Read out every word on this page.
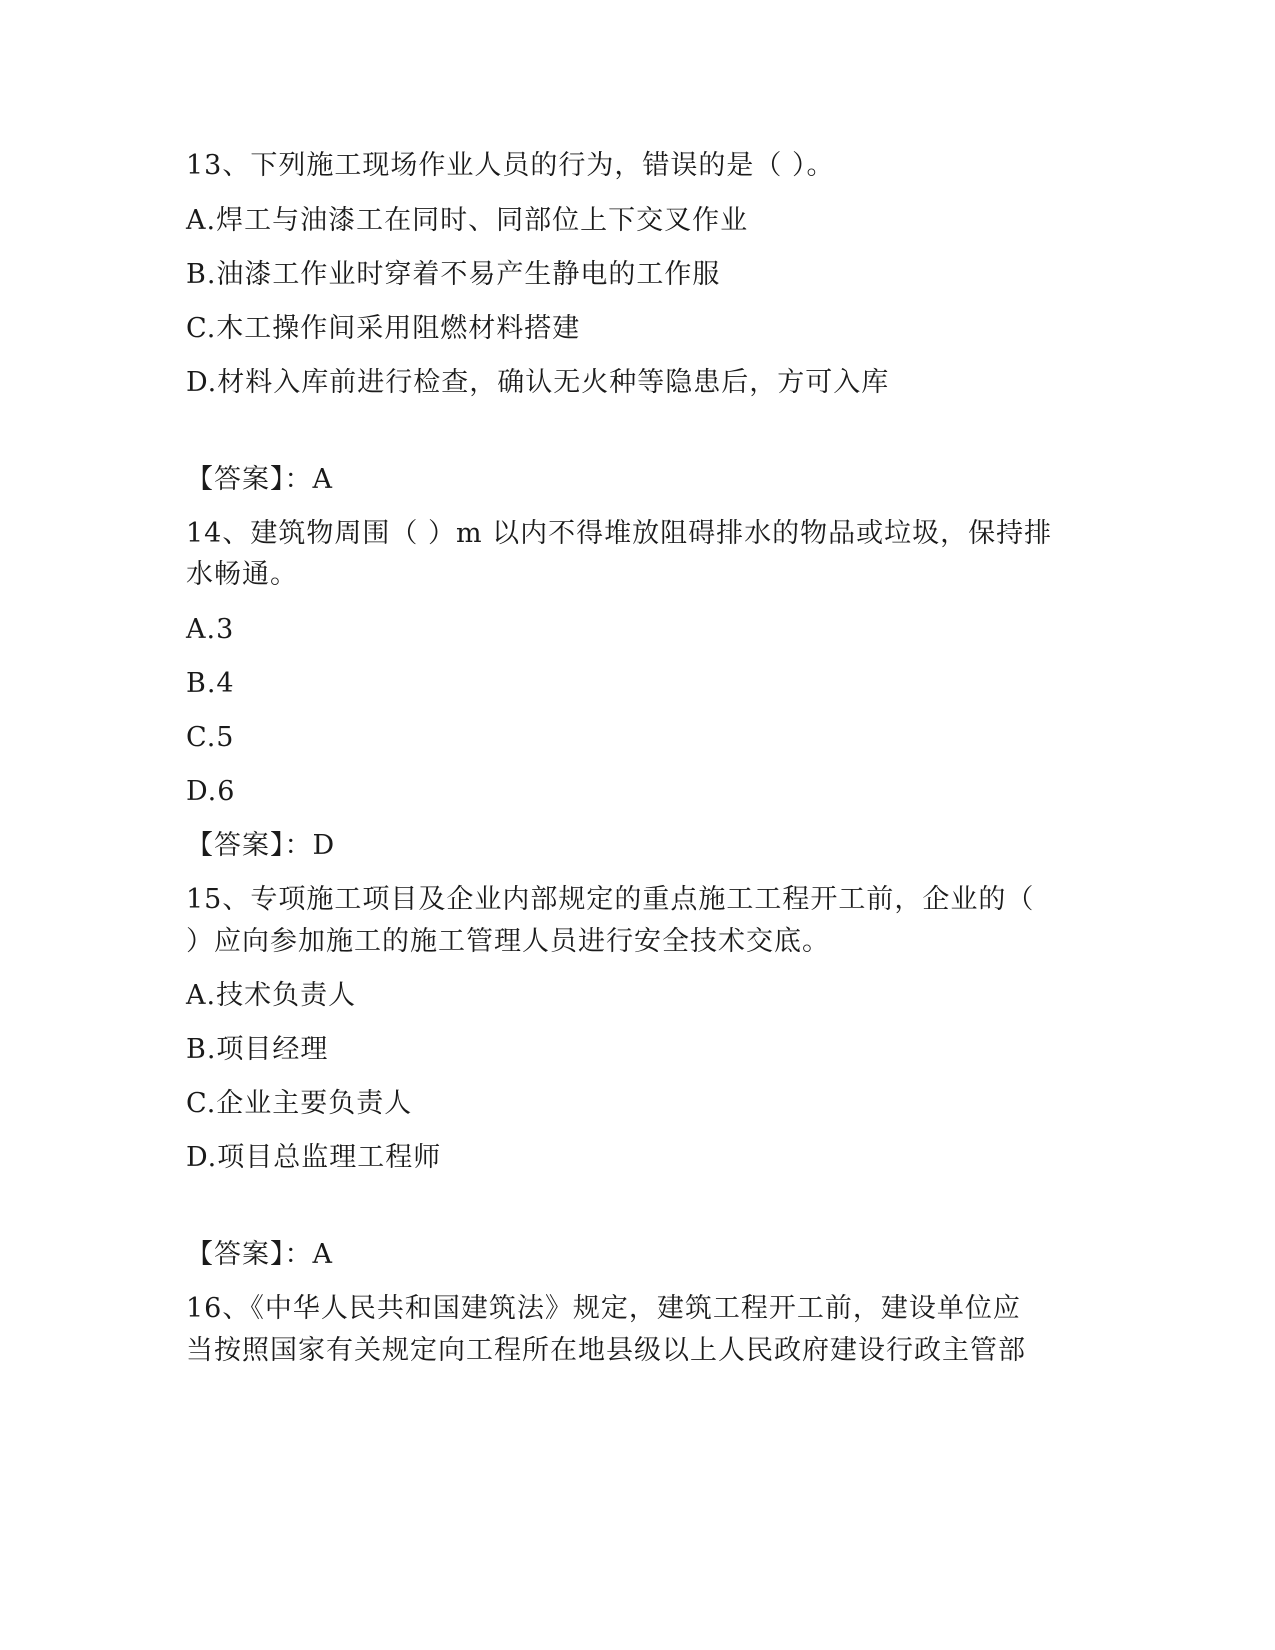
13、下列施工现场作业人员的行为，错误的是（ ）。
A.焊工与油漆工在同时、同部位上下交叉作业
B.油漆工作业时穿着不易产生静电的工作服
C.木工操作间采用阻燃材料搭建
D.材料入库前进行检查，确认无火种等隐患后，方可入库
【答案】：A
14、建筑物周围（ ）m 以内不得堆放阻碍排水的物品或垃圾，保持排
水畅通。
A.3
B.4
C.5
D.6
【答案】：D
15、专项施工项目及企业内部规定的重点施工工程开工前，企业的（
）应向参加施工的施工管理人员进行安全技术交底。
A.技术负责人
B.项目经理
C.企业主要负责人
D.项目总监理工程师
【答案】：A
16、《中华人民共和国建筑法》规定，建筑工程开工前，建设单位应
当按照国家有关规定向工程所在地县级以上人民政府建设行政主管部
